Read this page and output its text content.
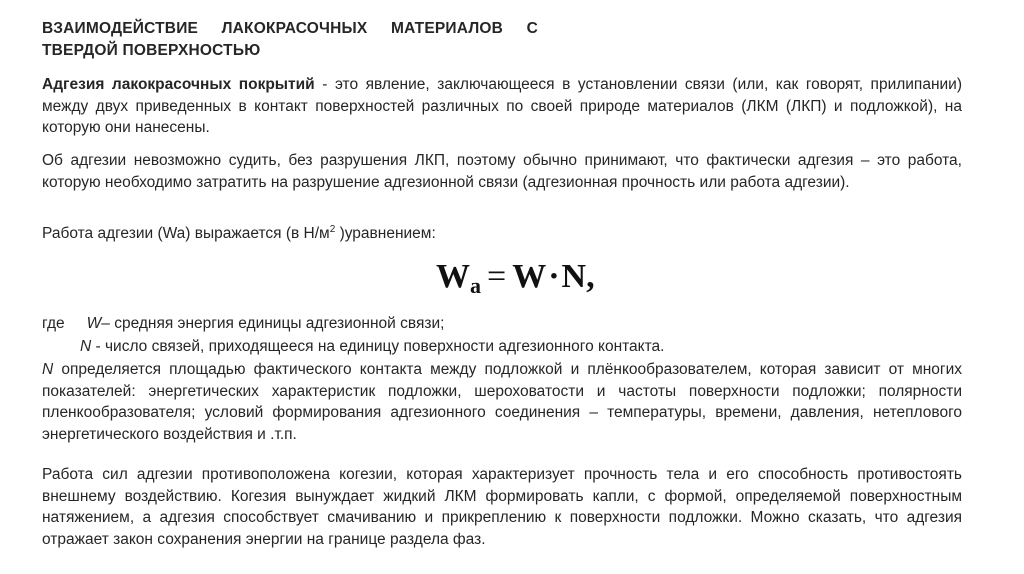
ВЗАИМОДЕЙСТВИЕ ЛАКОКРАСОЧНЫХ МАТЕРИАЛОВ С
ТВЕРДОЙ ПОВЕРХНОСТЬЮ
Адгезия лакокрасочных покрытий - это явление, заключающееся в установлении связи (или, как говорят, прилипании) между двух приведенных в контакт поверхностей различных по своей природе материалов (ЛКМ (ЛКП) и подложкой), на которую они нанесены.
Об адгезии невозможно судить, без разрушения ЛКП, поэтому обычно принимают, что фактически адгезия – это работа, которую необходимо затратить на разрушение адгезионной связи (адгезионная прочность или работа адгезии).
Работа адгезии (Wa) выражается (в $Н/м^2$ )уравнением:
$W_a = W\cdot N$,
где W– средняя энергия единицы адгезионной связи;
N - число связей, приходящееся на единицу поверхности адгезионного контакта.
N определяется площадью фактического контакта между подложкой и плёнкообразователем, которая зависит от многих показателей: энергетических характеристик подложки, шероховатости и частоты поверхности подложки; полярности пленкообразователя; условий формирования адгезионного соединения – температуры, времени, давления, нетеплового энергетического воздействия и .т.п.
Работа сил адгезии противоположена когезии, которая характеризует прочность тела и его способность противостоять внешнему воздействию. Когезия вынуждает жидкий ЛКМ формировать капли, с формой, определяемой поверхностным натяжением, а адгезия способствует смачиванию и прикреплению к поверхности подложки. Можно сказать, что адгезия отражает закон сохранения энергии на границе раздела фаз.
